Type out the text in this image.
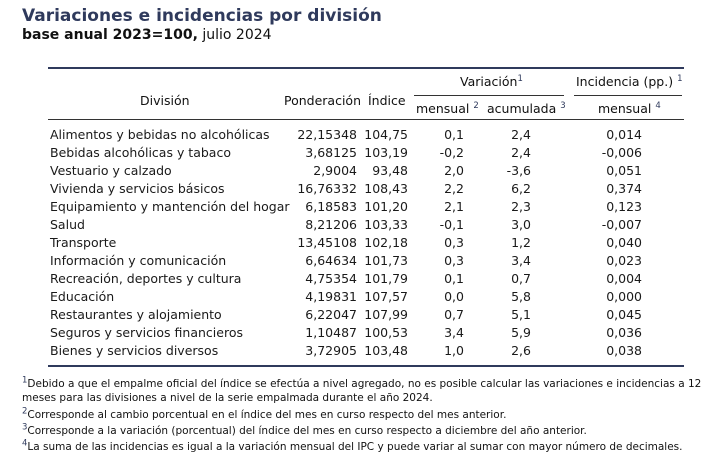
Variaciones e incidencias por división
base anual 2023=100, julio 2024
División	Ponderación Índice
Variación$^1$	Incidencia (pp.) $^1$
mensual $^2$ acumulada $^3$	mensual $^4$
Alimentos y bebidas no alcohólicas 22,15348 104,75	0,1	2,4	0,014
Bebidas alcohólicas y tabaco	3,68125 103,19	-0,2	2,4	-0,006
Vestuario y calzado	2,9004 93,48	2,0	-3,6	0,051
Vivienda y servicios básicos	16,76332 108,43	2,2	6,2	0,374
Equipamiento y mantención del hogar 6,18583 101,20	2,1	2,3	0,123
Salud	8,21206 103,33	-0,1	3,0	-0,007
Transporte	13,45108 102,18	0,3	1,2	0,040
Información y comunicación	6,64634 101,73	0,3	3,4	0,023
Recreación, deportes y cultura	4,75354 101,79	0,1	0,7	0,004
Educación	4,19831 107,57	0,0	5,8	0,000
Restaurantes y alojamiento	6,22047 107,99	0,7	5,1	0,045
Seguros y servicios financieros	1,10487 100,53	3,4	5,9	0,036
Bienes y servicios diversos	3,72905 103,48	1,0	2,6	0,038
$^1$Debido a que el empalme oficial del índice se efectúa a nivel agregado, no es posible calcular las variaciones e incidencias a 12 meses para las divisiones a nivel de la serie empalmada durante el año 2024.
$^2$Corresponde al cambio porcentual en el índice del mes en curso respecto del mes anterior.
$^3$Corresponde a la variación (porcentual) del índice del mes en curso respecto a diciembre del año anterior.
$^4$La suma de las incidencias es igual a la variación mensual del IPC y puede variar al sumar con mayor número de decimales.
